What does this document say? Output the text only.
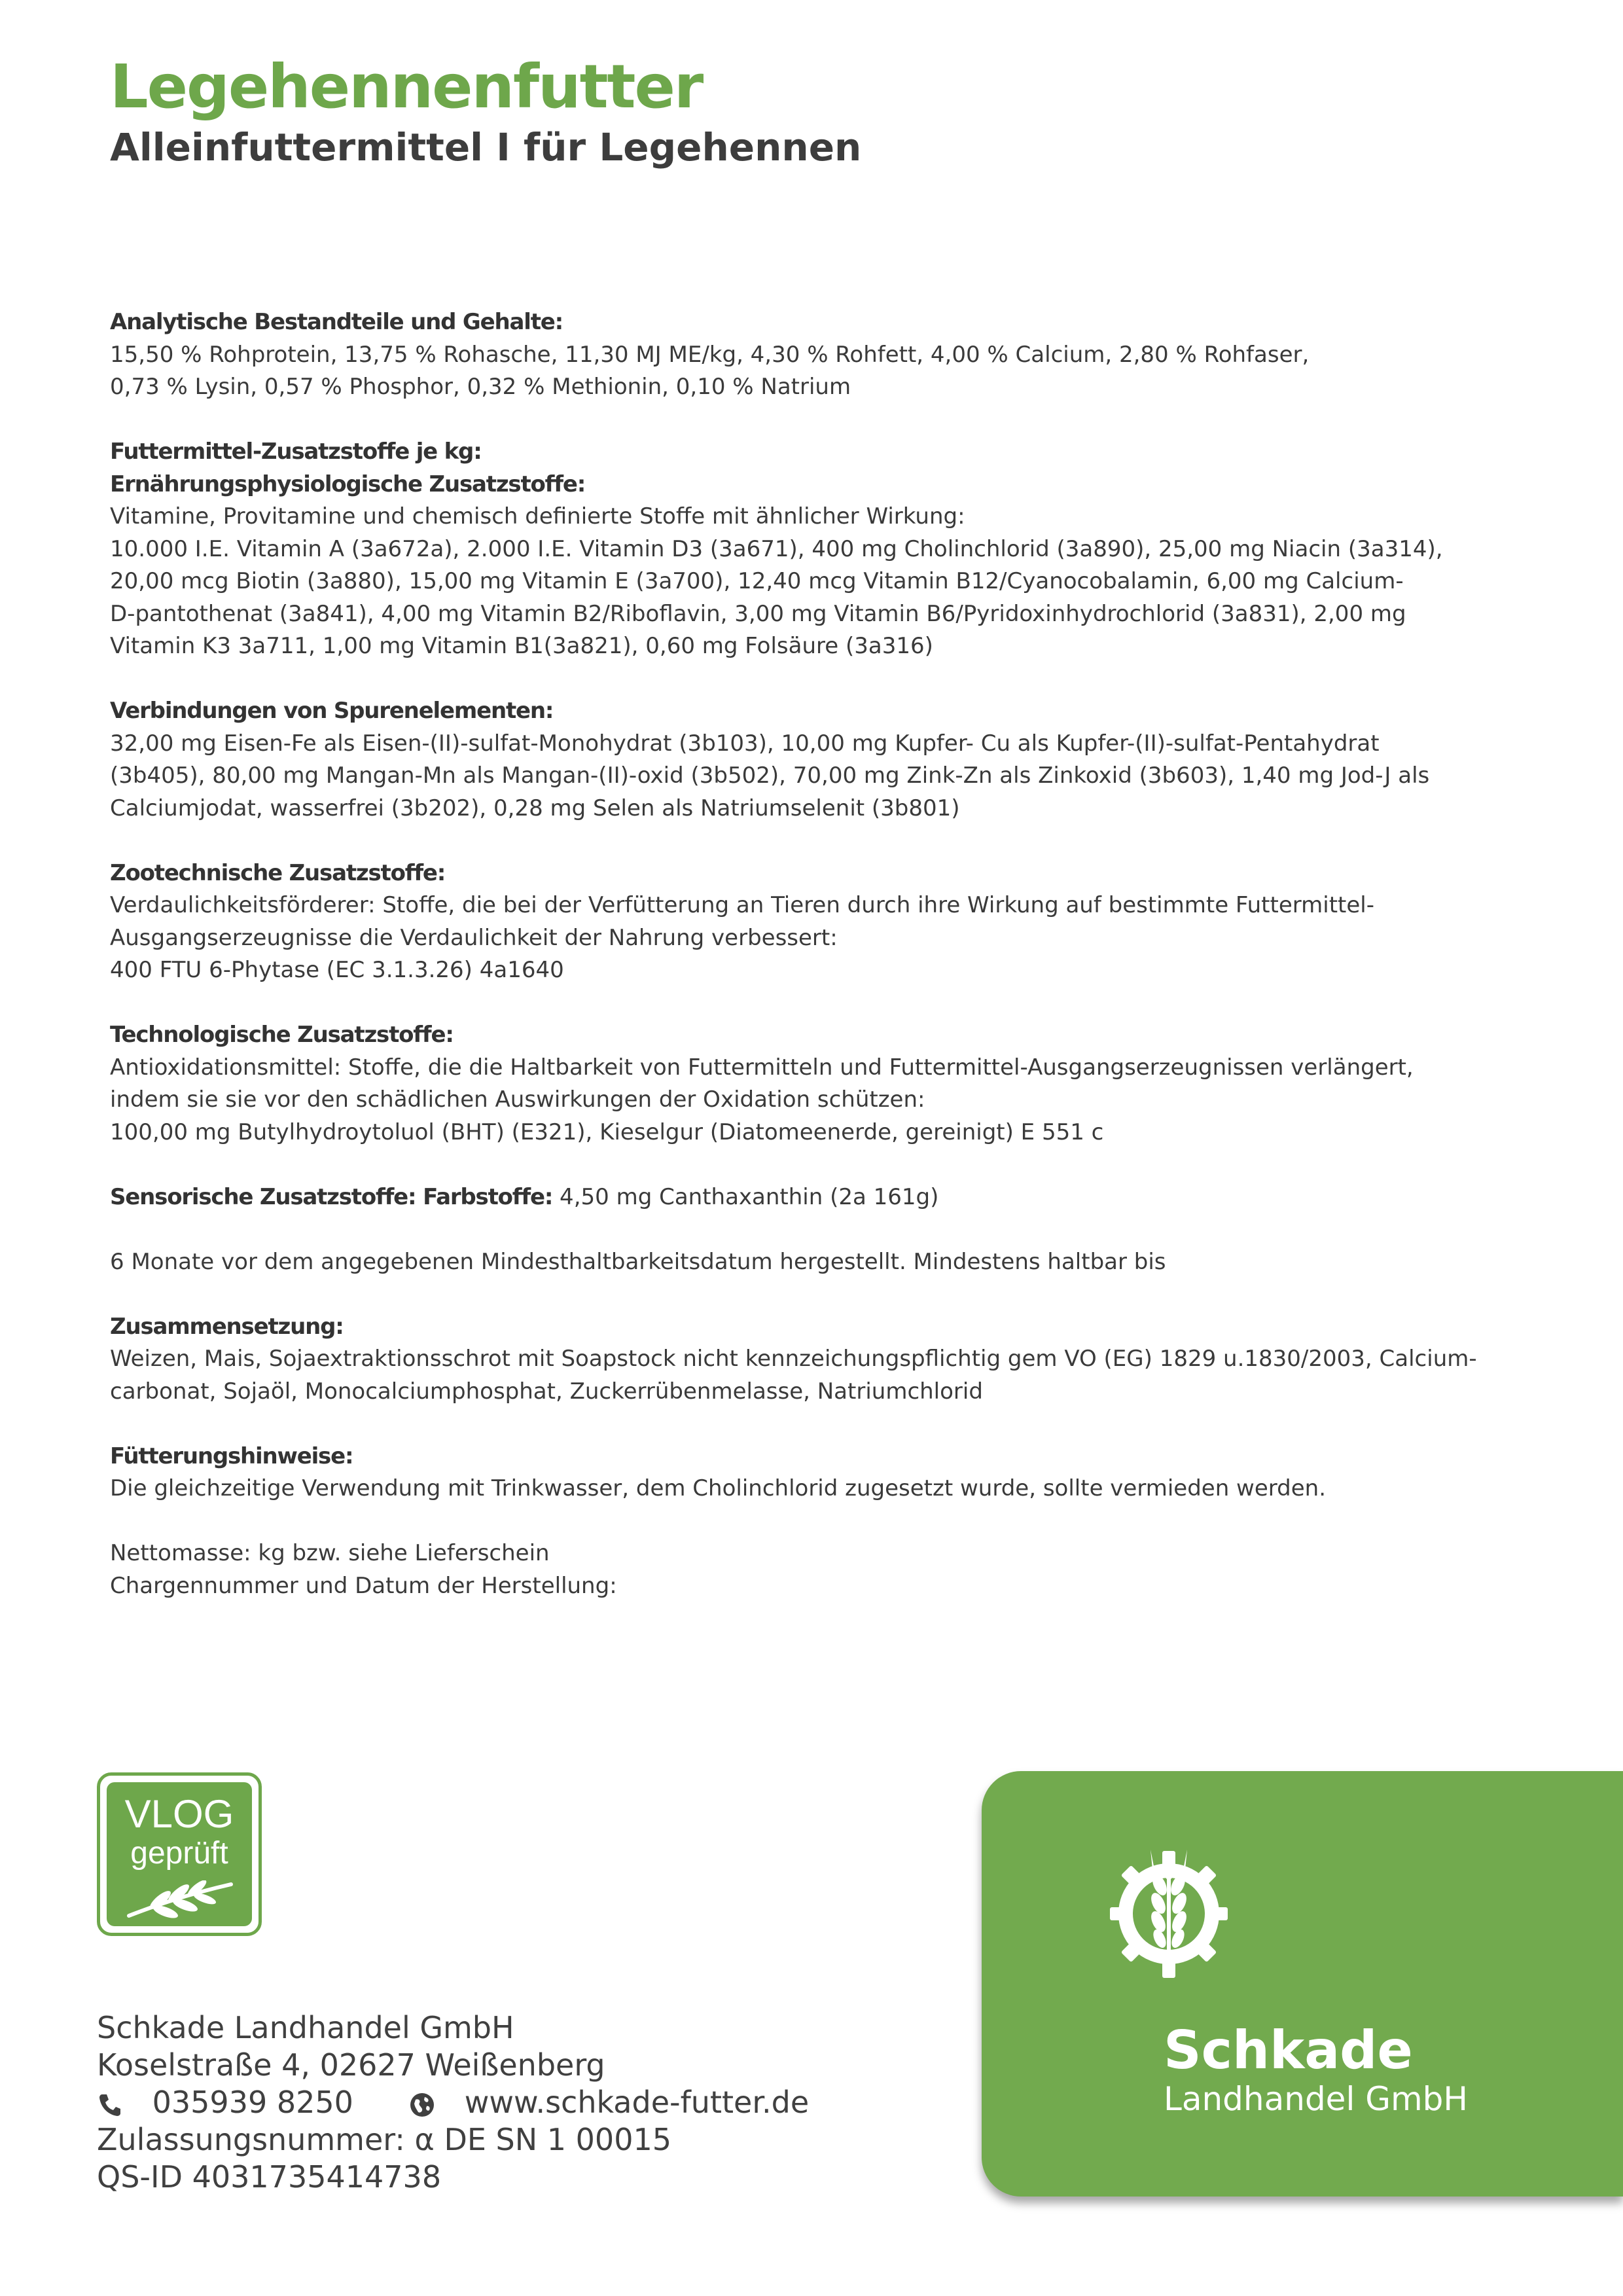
Legehennenfutter
Alleinfuttermittel I für Legehennen

Analytische Bestandteile und Gehalte:

15,50 % Rohprotein, 13,75 % Rohasche, 11,30 MJ ME/kg, 4,30 % Rohfett, 4,00 % Calcium, 2,80 % Rohfaser,

0,73 % Lysin, 0,57 % Phosphor, 0,32 % Methionin, 0,10 % Natrium

Futtermittel-Zusatzstoffe je kg:

Ernährungsphysiologische Zusatzstoffe:

Vitamine, Provitamine und chemisch definierte Stoffe mit ähnlicher Wirkung:

10.000 I.E. Vitamin A (3a672a), 2.000 I.E. Vitamin D3 (3a671), 400 mg Cholinchlorid (3a890), 25,00 mg Niacin (3a314),

20,00 mcg Biotin (3a880), 15,00 mg Vitamin E (3a700), 12,40 mcg Vitamin B12/Cyanocobalamin, 6,00 mg Calcium-

D-pantothenat (3a841), 4,00 mg Vitamin B2/Riboflavin, 3,00 mg Vitamin B6/Pyridoxinhydrochlorid (3a831), 2,00 mg

Vitamin K3 3a711, 1,00 mg Vitamin B1(3a821), 0,60 mg Folsäure (3a316)

Verbindungen von Spurenelementen:

32,00 mg Eisen-Fe als Eisen-(II)-sulfat-Monohydrat (3b103), 10,00 mg Kupfer- Cu als Kupfer-(II)-sulfat-Pentahydrat

(3b405), 80,00 mg Mangan-Mn als Mangan-(II)-oxid (3b502), 70,00 mg Zink-Zn als Zinkoxid (3b603), 1,40 mg Jod-J als

Calciumjodat, wasserfrei (3b202), 0,28 mg Selen als Natriumselenit (3b801)

Zootechnische Zusatzstoffe:

Verdaulichkeitsförderer: Stoffe, die bei der Verfütterung an Tieren durch ihre Wirkung auf bestimmte Futtermittel-

Ausgangserzeugnisse die Verdaulichkeit der Nahrung verbessert:

400 FTU 6-Phytase (EC 3.1.3.26) 4a1640

Technologische Zusatzstoffe:

Antioxidationsmittel: Stoffe, die die Haltbarkeit von Futtermitteln und Futtermittel-Ausgangserzeugnissen verlängert,

indem sie sie vor den schädlichen Auswirkungen der Oxidation schützen:

100,00 mg Butylhydroytoluol (BHT) (E321), Kieselgur (Diatomeenerde, gereinigt) E 551 c

Sensorische Zusatzstoffe: Farbstoffe: 4,50 mg Canthaxanthin (2a 161g)

6 Monate vor dem angegebenen Mindesthaltbarkeitsdatum hergestellt. Mindestens haltbar bis

Zusammensetzung:

Weizen, Mais, Sojaextraktionsschrot mit Soapstock nicht kennzeichungspflichtig gem VO (EG) 1829 u.1830/2003, Calcium-

carbonat, Sojaöl, Monocalciumphosphat, Zuckerrübenmelasse, Natriumchlorid

Fütterungshinweise:

Die gleichzeitige Verwendung mit Trinkwasser, dem Cholinchlorid zugesetzt wurde, sollte vermieden werden.

Nettomasse: kg bzw. siehe Lieferschein

Chargennummer und Datum der Herstellung:

VLOG
geprüft
Schkade Landhandel GmbH
Koselstraße 4, 02627 Weißenberg
035939 8250	www.schkade-futter.de
Zulassungsnummer: α DE SN 1 00015
QS-ID 4031735414738
Schkade
Landhandel GmbH
